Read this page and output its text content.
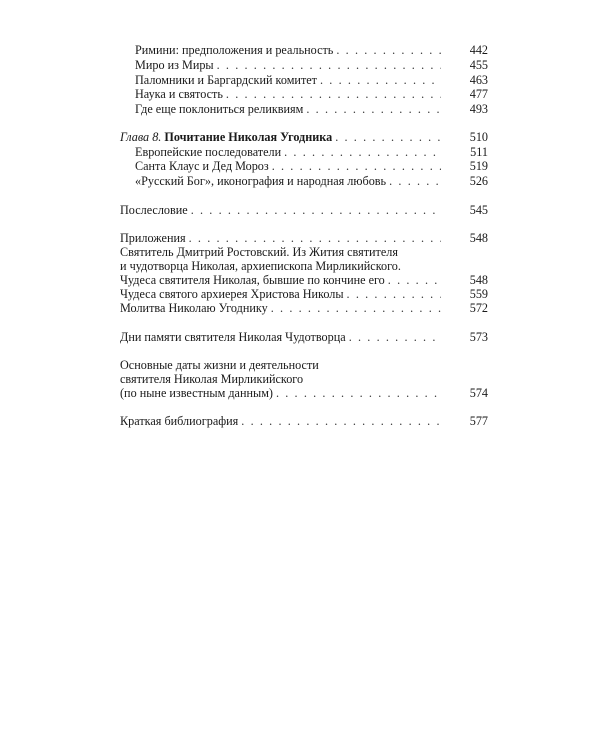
Римини: предположения и реальность . . .	442
Миро из Миры . . .	455
Паломники и Баргардский комитет . . .	463
Наука и святость . . .	477
Где еще поклониться реликвиям . . .	493
Глава 8. Почитание Николая Угодника . . .	510
Европейские последователи . . .	511
Санта Клаус и Дед Мороз . . .	519
«Русский Бог», иконография и народная любовь . . .	526
Послесловие . . .	545
Приложения . . .	548
Святитель Дмитрий Ростовский. Из Жития святителя
и чудотворца Николая, архиепископа Мирликийского.
Чудеса святителя Николая, бывшие по кончине его . . .	548
Чудеса святого архиерея Христова Николы . . .	559
Молитва Николаю Угоднику . . .	572
Дни памяти святителя Николая Чудотворца . . .	573
Основные даты жизни и деятельности
святителя Николая Мирликийского
(по ныне известным данным) . . .	574
Краткая библиография . . .	577
